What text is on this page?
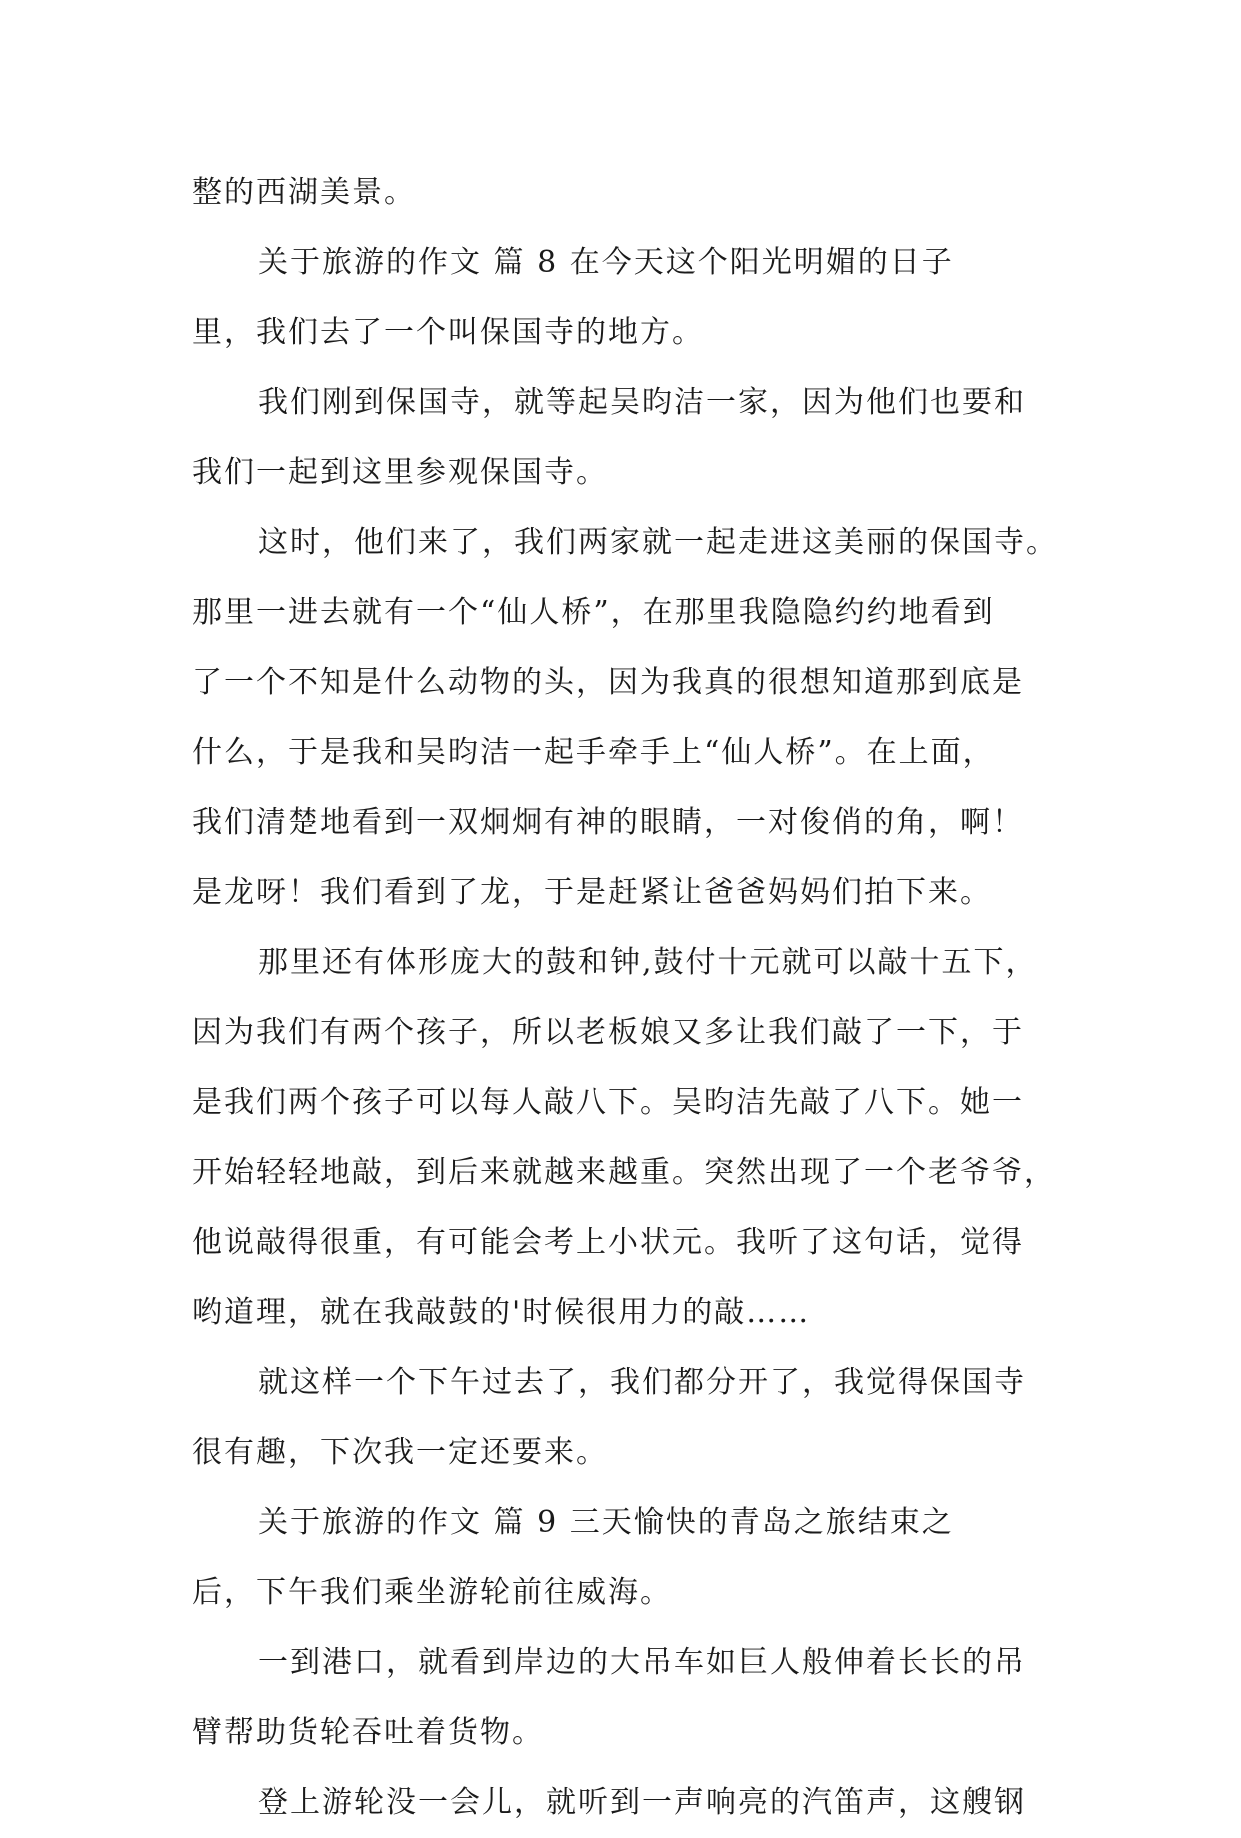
整的西湖美景。
关于旅游的作文 篇 8 在今天这个阳光明媚的日子
里，我们去了一个叫保国寺的地方。
我们刚到保国寺，就等起吴昀洁一家，因为他们也要和
我们一起到这里参观保国寺。
这时，他们来了，我们两家就一起走进这美丽的保国寺。
那里一进去就有一个“仙人桥”，在那里我隐隐约约地看到
了一个不知是什么动物的头，因为我真的很想知道那到底是
什么，于是我和吴昀洁一起手牵手上“仙人桥”。在上面，
我们清楚地看到一双炯炯有神的眼睛，一对俊俏的角，啊！
是龙呀！我们看到了龙，于是赶紧让爸爸妈妈们拍下来。
那里还有体形庞大的鼓和钟,鼓付十元就可以敲十五下，
因为我们有两个孩子，所以老板娘又多让我们敲了一下，于
是我们两个孩子可以每人敲八下。吴昀洁先敲了八下。她一
开始轻轻地敲，到后来就越来越重。突然出现了一个老爷爷，
他说敲得很重，有可能会考上小状元。我听了这句话，觉得
哟道理，就在我敲鼓的'时候很用力的敲……
就这样一个下午过去了，我们都分开了，我觉得保国寺
很有趣，下次我一定还要来。
关于旅游的作文 篇 9 三天愉快的青岛之旅结束之
后，下午我们乘坐游轮前往威海。
一到港口，就看到岸边的大吊车如巨人般伸着长长的吊
臂帮助货轮吞吐着货物。
登上游轮没一会儿，就听到一声响亮的汽笛声，这艘钢
